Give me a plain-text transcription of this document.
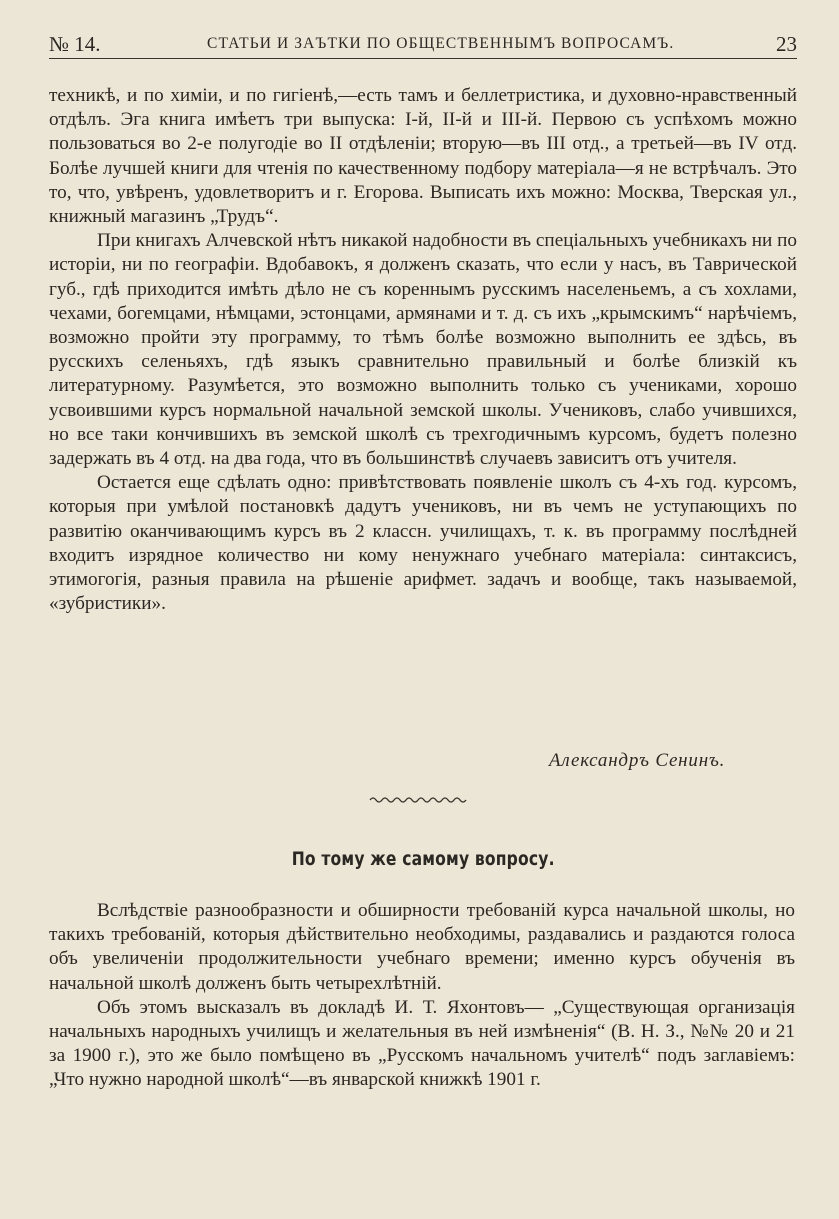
№ 14.	СТАТЬИ И ЗАЪТКИ ПО ОБЩЕСТВЕННЫМЪ ВОПРОСАМЪ.	23

техникѣ, и по химіи, и по гигіенѣ,—есть тамъ и беллетристика, и духовно-нравственный отдѣлъ. Эга книга имѣетъ три выпуска: I-й, II-й и III-й. Первою съ успѣхомъ можно пользоваться во 2-е полугодіе во II отдѣленіи; вторую—въ III отд., а третьей—въ IV отд. Болѣе лучшей книги для чтенія по качественному подбору матеріала—я не встрѣчалъ. Это то, что, увѣренъ, удовлетворитъ и г. Егорова. Выписать ихъ можно: Москва, Тверская ул., книжный магазинъ „Трудъ“.

При книгахъ Алчевской нѣтъ никакой надобности въ спеціальныхъ учебникахъ ни по исторіи, ни по географіи. Вдобавокъ, я долженъ сказать, что если у насъ, въ Таврической губ., гдѣ приходится имѣть дѣло не съ кореннымъ русскимъ населеньемъ, а съ хохлами, чехами, богемцами, нѣмцами, эстонцами, армянами и т. д. съ ихъ „крымскимъ“ нарѣчіемъ, возможно пройти эту программу, то тѣмъ болѣе возможно выполнить ее здѣсь, въ русскихъ селеньяхъ, гдѣ языкъ сравнительно правильный и болѣе близкій къ литературному. Разумѣется, это возможно выполнить только съ учениками, хорошо усвоившими курсъ нормальной начальной земской школы. Учениковъ, слабо учившихся, но все таки кончившихъ въ земской школѣ съ трехгодичнымъ курсомъ, будетъ полезно задержать въ 4 отд. на два года, что въ большинствѣ случаевъ зависитъ отъ учителя.

Остается еще сдѣлать одно: привѣтствовать появленіе школъ съ 4-хъ год. курсомъ, которыя при умѣлой постановкѣ дадутъ учениковъ, ни въ чемъ не уступающихъ по развитію оканчивающимъ курсъ въ 2 классн. училищахъ, т. к. въ программу послѣдней входитъ изрядное количество ни кому ненужнаго учебнаго матеріала: синтаксисъ, этимогогія, разныя правила на рѣшеніе арифмет. задачъ и вообще, такъ называемой, «зубристики».

Александръ Сенинъ.
По тому же самому вопросу.

Вслѣдствіе разнообразности и обширности требованій курса начальной школы, но такихъ требованій, которыя дѣйствительно необходимы, раздавались и раздаются голоса объ увеличеніи продолжительности учебнаго времени; именно курсъ обученія въ начальной школѣ долженъ быть четырехлѣтній.

Объ этомъ высказалъ въ докладѣ И. Т. Яхонтовъ— „Существующая организація начальныхъ народныхъ училищъ и желательныя въ ней измѣненія“ (В. Н. З., №№ 20 и 21 за 1900 г.), это же было помѣщено въ „Русскомъ начальномъ учителѣ“ подъ заглавіемъ: „Что нужно народной школѣ“—въ январской книжкѣ 1901 г.
